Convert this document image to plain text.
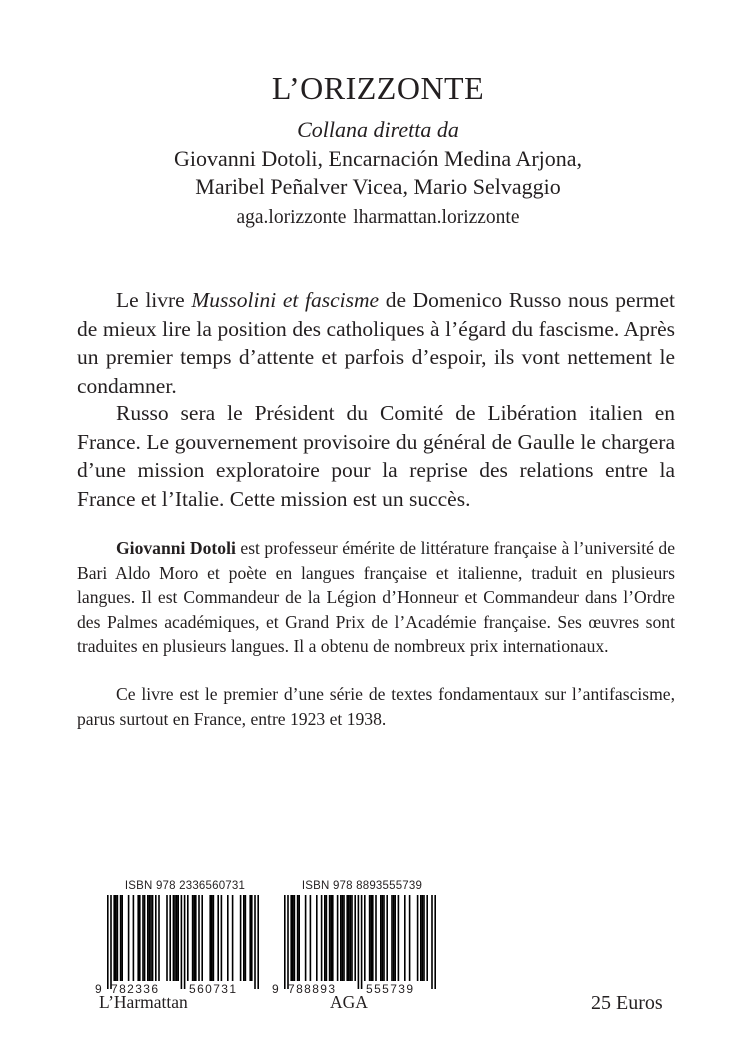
L’ORIZZONTE
Collana diretta da
Giovanni Dotoli, Encarnación Medina Arjona,
Maribel Peñalver Vicea, Mario Selvaggio
aga.lorizzonte lharmattan.lorizzonte

Le livre Mussolini et fascisme de Domenico Russo nous permet de mieux lire la position des catholiques à l’égard du fascisme. Après un premier temps d’attente et parfois d’espoir, ils vont nettement le condamner.

Russo sera le Président du Comité de Libération italien en France. Le gouvernement provisoire du général de Gaulle le chargera d’une mission exploratoire pour la reprise des relations entre la France et l’Italie. Cette mission est un succès.

Giovanni Dotoli est professeur émérite de littérature française à l’université de Bari Aldo Moro et poète en langues française et italienne, traduit en plusieurs langues. Il est Commandeur de la Légion d’Honneur et Commandeur dans l’Ordre des Palmes académiques, et Grand Prix de l’Académie française. Ses œuvres sont traduites en plusieurs langues. Il a obtenu de nombreux prix internationaux.

Ce livre est le premier d’une série de textes fondamentaux sur l’antifascisme, parus surtout en France, entre 1923 et 1938.

ISBN 978 2336560731
9 782336 560731
L’Harmattan
ISBN 978 8893555739
9 788893 555739
AGA	25 Euros
